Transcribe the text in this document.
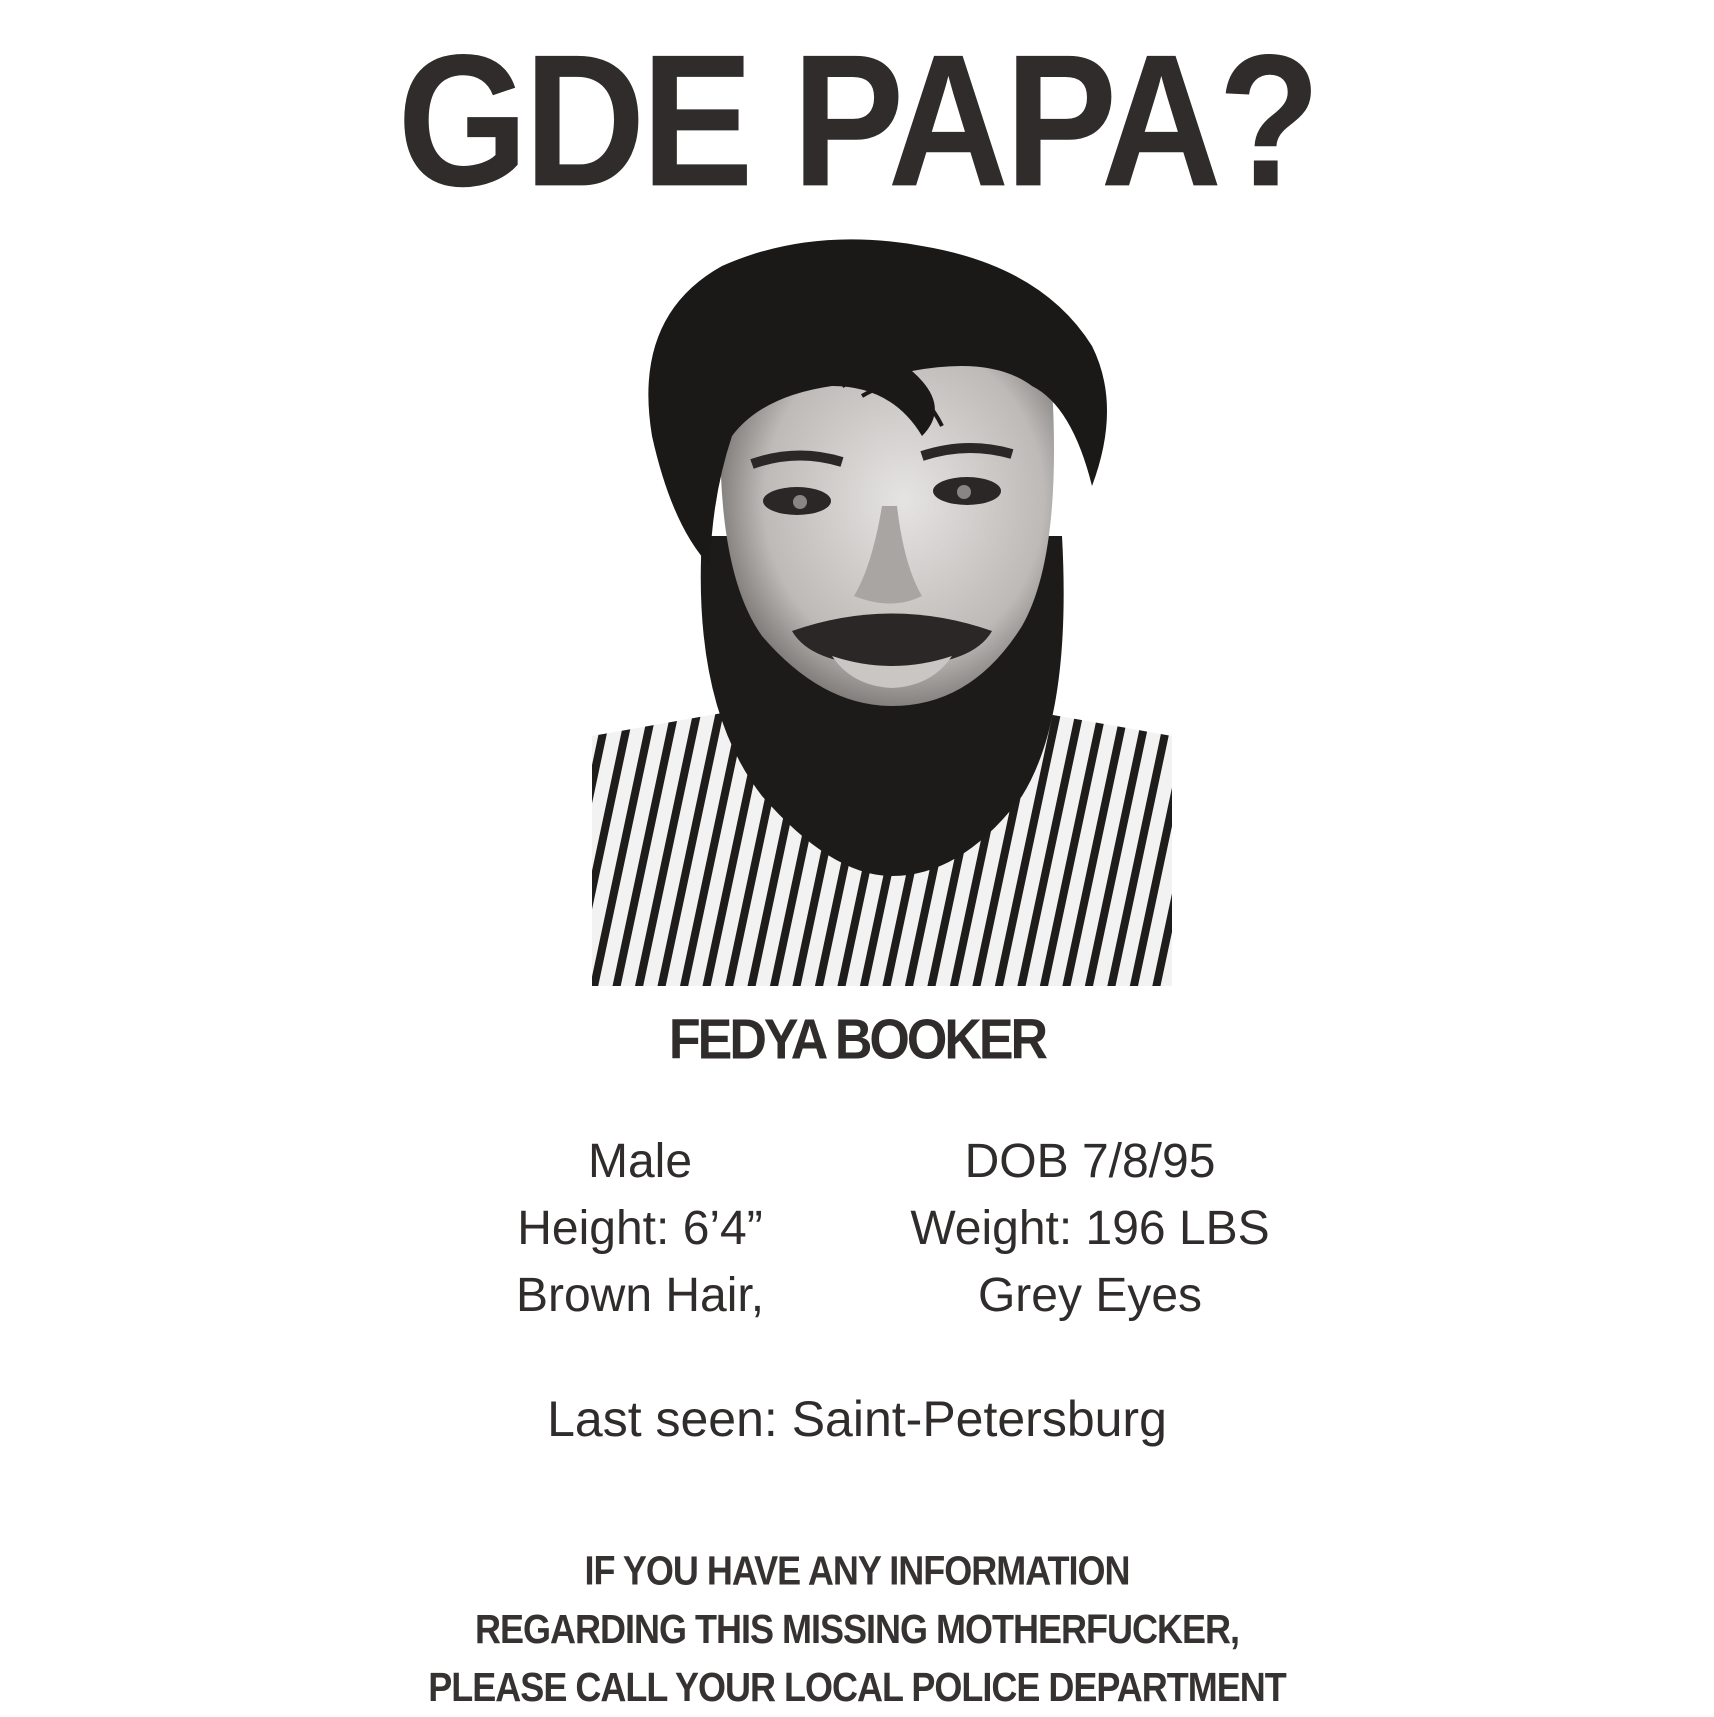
GDE PAPA?
FEDYA BOOKER
Male
Height: 6’4”
Brown Hair,
DOB 7/8/95
Weight: 196 LBS
Grey Eyes
Last seen: Saint-Petersburg
IF YOU HAVE ANY INFORMATION
REGARDING THIS MISSING MOTHERFUCKER,
PLEASE CALL YOUR LOCAL POLICE DEPARTMENT
